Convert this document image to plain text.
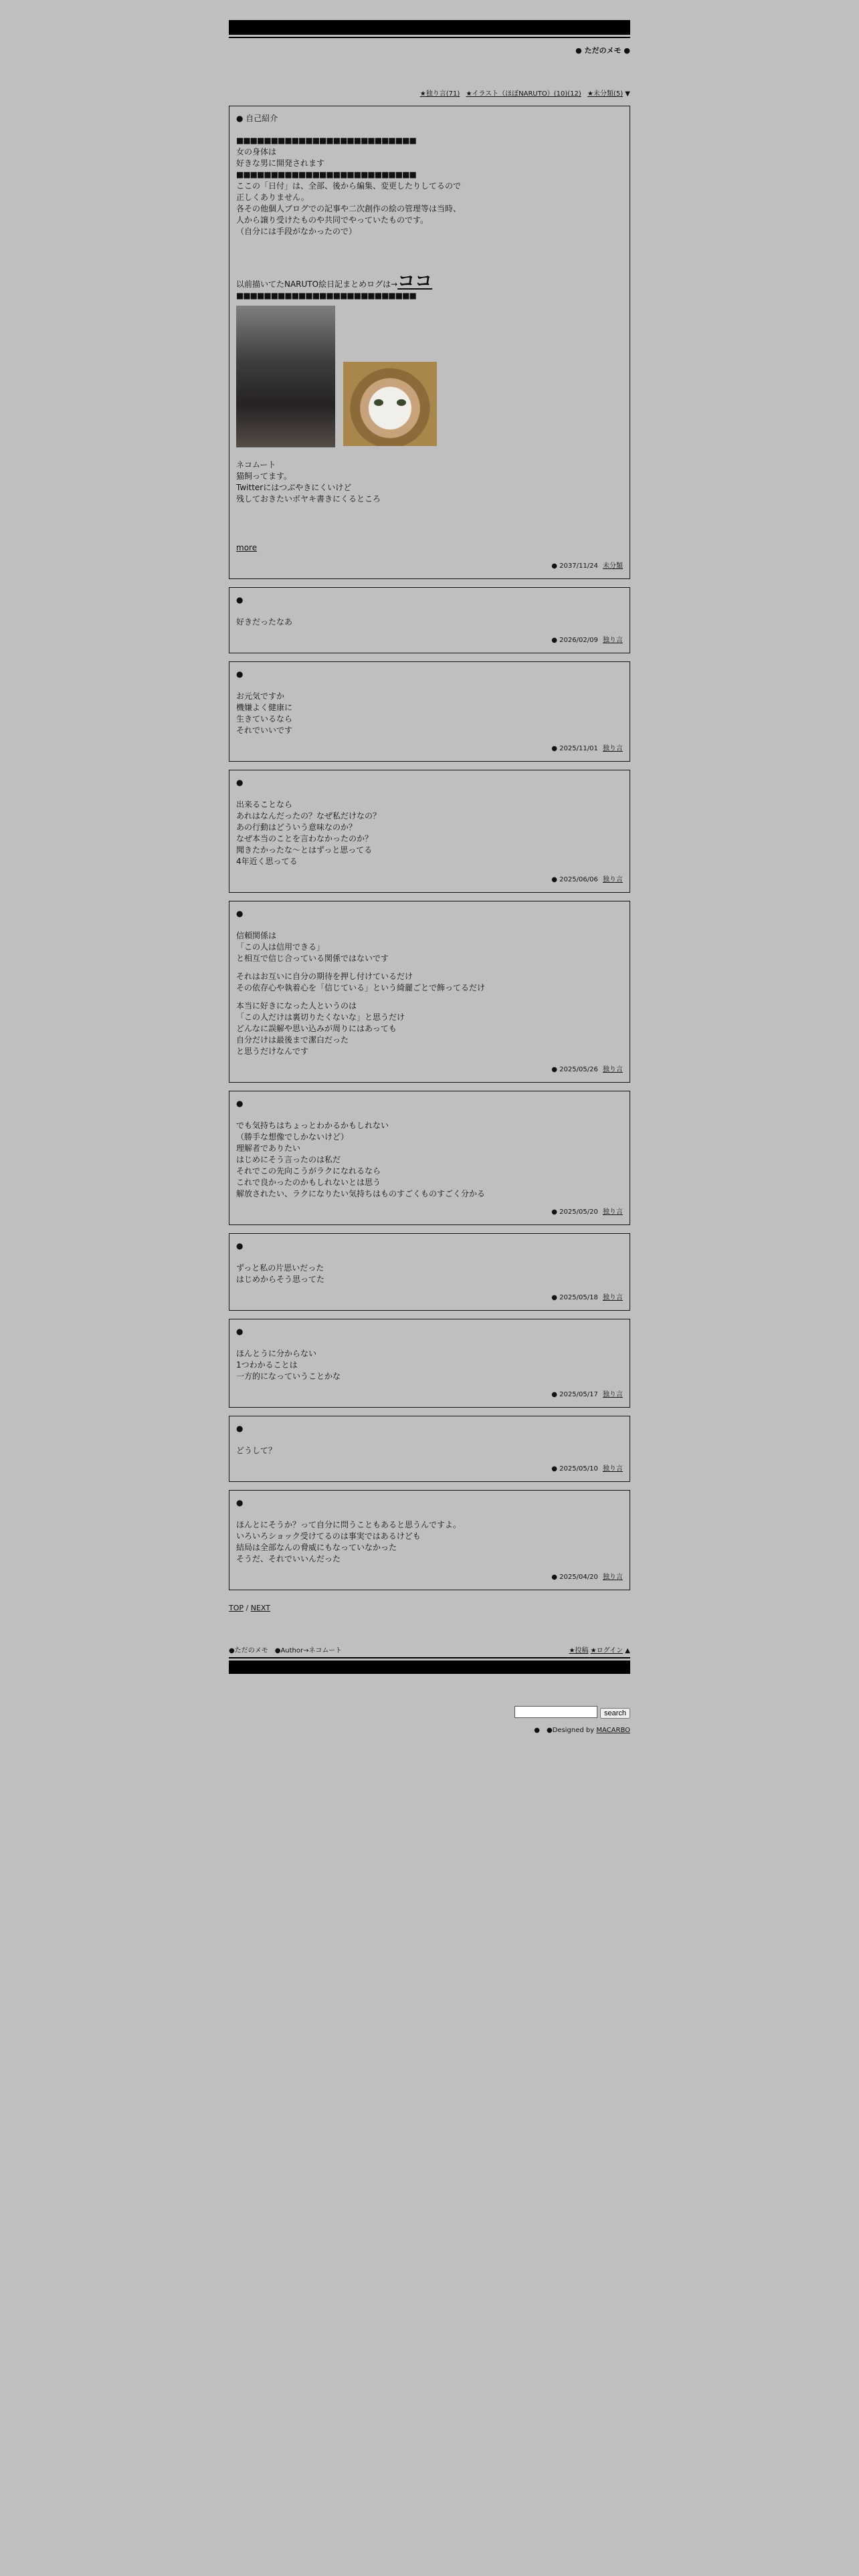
● ただのメモ ●
★独り言(71) ★イラスト（ほぼNARUTO）(10)(12) ★未分類(5) ▼
● 自己紹介
■■■■■■■■■■■■■■■■■■■■■■■■■■
女の身体は
好きな男に開発されます
■■■■■■■■■■■■■■■■■■■■■■■■■■
ここの「日付」は、全部、後から編集、変更したりしてるので
正しくありません。
各その他個人ブログでの記事や二次創作の絵の管理等は当時、
人から譲り受けたものや共同でやっていたものです。
（自分には手段がなかったので）
以前描いてたNARUTO絵日記まとめログは→ココ
■■■■■■■■■■■■■■■■■■■■■■■■■■
ネコムート
猫飼ってます。
Twitterにはつぶやきにくいけど
残しておきたいボヤキ書きにくるところ
more
● 2037/11/24 未分類
●
好きだったなあ
● 2026/02/09 独り言
●
お元気ですか
機嫌よく健康に
生きているなら
それでいいです
● 2025/11/01 独り言
●
出来ることなら
あれはなんだったの？なぜ私だけなの？
あの行動はどういう意味なのか？
なぜ本当のことを言わなかったのか？
聞きたかったな～とはずっと思ってる
4年近く思ってる
● 2025/06/06 独り言
●

信頼関係は
「この人は信用できる」
と相互で信じ合っている関係ではないです

それはお互いに自分の期待を押し付けているだけ
その依存心や執着心を「信じている」という綺麗ごとで飾ってるだけ

本当に好きになった人というのは
「この人だけは裏切りたくないな」と思うだけ
どんなに誤解や思い込みが周りにはあっても
自分だけは最後まで潔白だった
と思うだけなんです

● 2025/05/26 独り言
●
でも気持ちはちょっとわかるかもしれない
（勝手な想像でしかないけど）
理解者でありたい
はじめにそう言ったのは私だ
それでこの先向こうがラクになれるなら
これで良かったのかもしれないとは思う
解放されたい、ラクになりたい気持ちはものすごくものすごく分かる
● 2025/05/20 独り言
●
ずっと私の片思いだった
はじめからそう思ってた
● 2025/05/18 独り言
●
ほんとうに分からない
1つわかることは
一方的になっていうことかな
● 2025/05/17 独り言
●
どうして？
● 2025/05/10 独り言
●
ほんとにそうか？って自分に問うこともあると思うんですよ。
いろいろショック受けてるのは事実ではあるけども
結局は全部なんの脅威にもなっていなかった
そうだ、それでいいんだった
● 2025/04/20 独り言
TOP / NEXT
●ただのメモ　●Author→ネコムート	★投稿 ★ログイン ▲
search
●　●Designed by MACARBO
